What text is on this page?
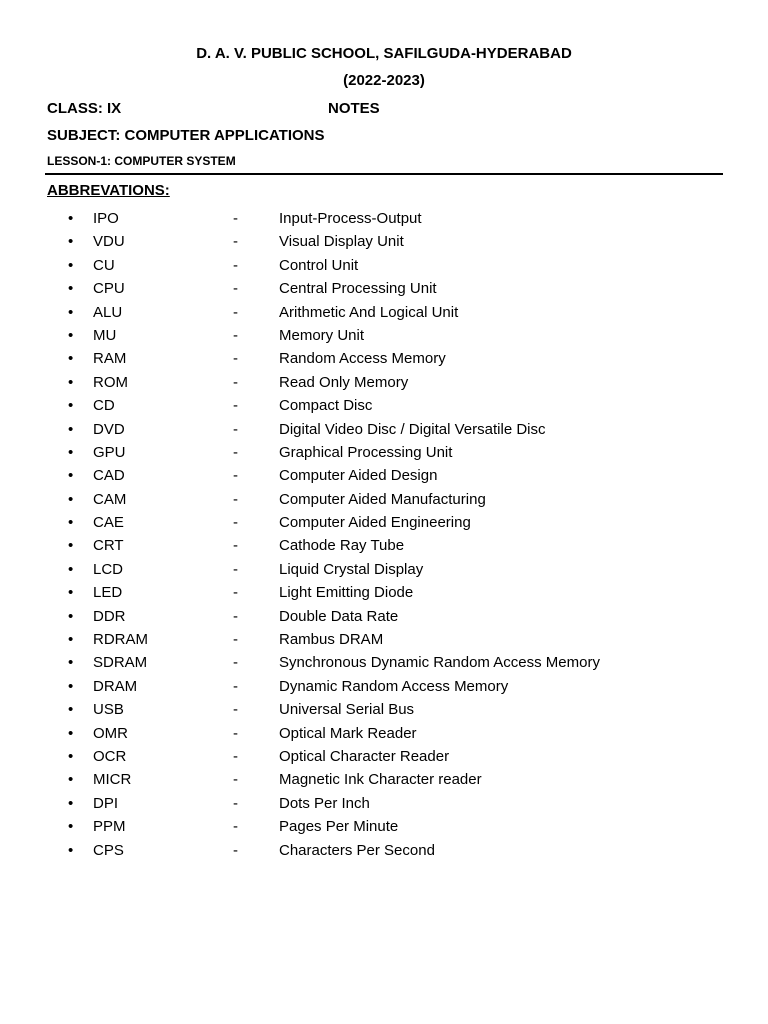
D. A. V. PUBLIC SCHOOL, SAFILGUDA-HYDERABAD
(2022-2023)
CLASS: IX	NOTES
SUBJECT: COMPUTER APPLICATIONS
LESSON-1: COMPUTER SYSTEM
ABBREVATIONS:
• IPO	-	Input-Process-Output
• VDU	-	Visual Display Unit
• CU	-	Control Unit
• CPU	-	Central Processing Unit
• ALU	-	Arithmetic And Logical Unit
• MU	-	Memory Unit
• RAM	-	Random Access Memory
• ROM	-	Read Only Memory
• CD	-	Compact Disc
• DVD	-	Digital Video Disc / Digital Versatile Disc
• GPU	-	Graphical Processing Unit
• CAD	-	Computer Aided Design
• CAM	-	Computer Aided Manufacturing
• CAE	-	Computer Aided Engineering
• CRT	-	Cathode Ray Tube
• LCD	-	Liquid Crystal Display
• LED	-	Light Emitting Diode
• DDR	-	Double Data Rate
• RDRAM	-	Rambus DRAM
• SDRAM	-	Synchronous Dynamic Random Access Memory
• DRAM	-	Dynamic Random Access Memory
• USB	-	Universal Serial Bus
• OMR	-	Optical Mark Reader
• OCR	-	Optical Character Reader
• MICR	-	Magnetic Ink Character reader
• DPI	-	Dots Per Inch
• PPM	-	Pages Per Minute
• CPS	-	Characters Per Second
